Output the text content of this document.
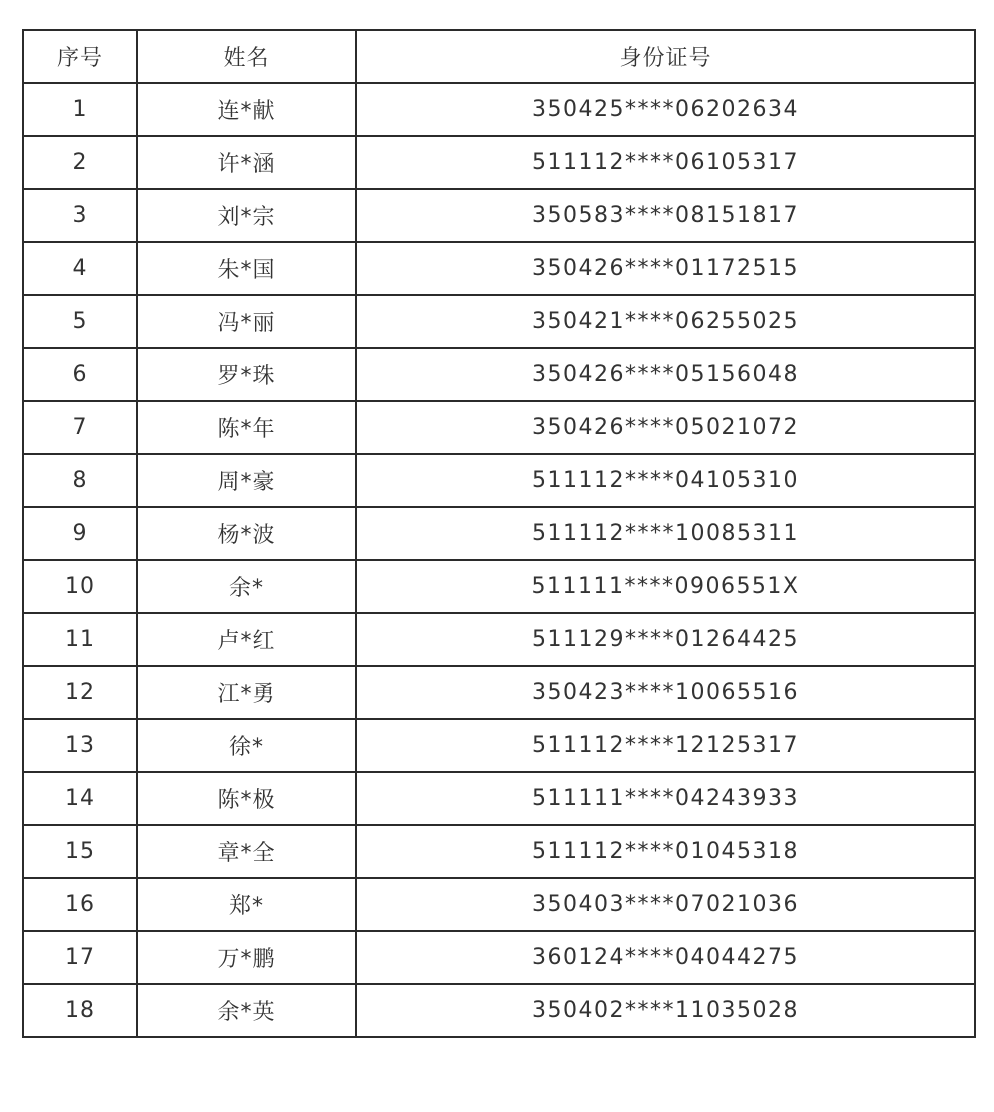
序号	姓名	身份证号
1	连*献	350425****06202634
2	许*涵	511112****06105317
3	刘*宗	350583****08151817
4	朱*国	350426****01172515
5	冯*丽	350421****06255025
6	罗*珠	350426****05156048
7	陈*年	350426****05021072
8	周*豪	511112****04105310
9	杨*波	511112****10085311
10	余*	511111****0906551X
11	卢*红	511129****01264425
12	江*勇	350423****10065516
13	徐*	511112****12125317
14	陈*极	511111****04243933
15	章*全	511112****01045318
16	郑*	350403****07021036
17	万*鹏	360124****04044275
18	余*英	350402****11035028
